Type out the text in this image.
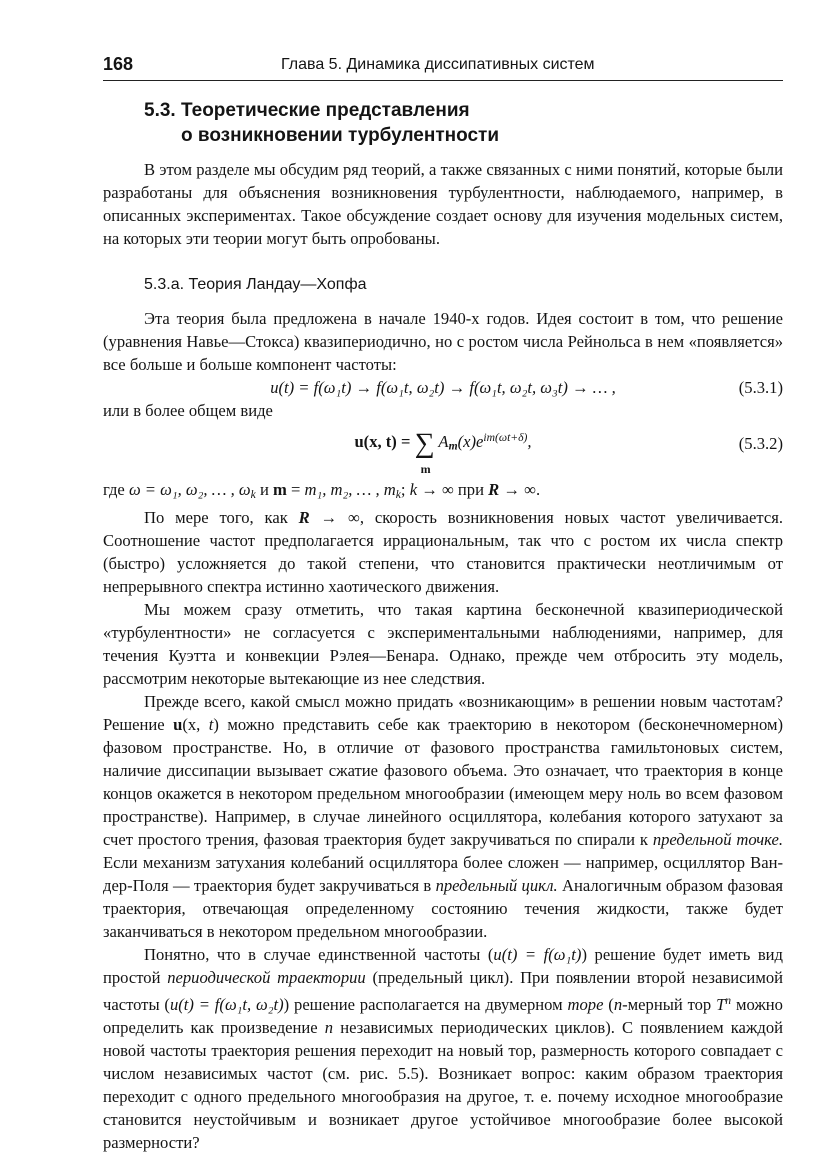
168	Глава 5. Динамика диссипативных систем
5.3. Теоретические представления
о возникновении турбулентности

В этом разделе мы обсудим ряд теорий, а также связанных с ними понятий, которые были разработаны для объяснения возникновения турбулентности, наблюдаемого, например, в описанных экспериментах. Такое обсуждение создает основу для изучения модельных систем, на которых эти теории могут быть опробованы.

5.3.а. Теория Ландау—Хопфа

Эта теория была предложена в начале 1940-х годов. Идея состоит в том, что решение (уравнения Навье—Стокса) квазипериодично, но с ростом числа Рейнольса в нем «появляется» все больше и больше компонент частоты:

u(t) = f(ω₁t) → f(ω₁t, ω₂t) → f(ω₁t, ω₂t, ω₃t) → … ,	(5.3.1)

или в более общем виде

u(x, t) = ∑
m
$Am(x)e^{im(\omega t+\delta)}$,	(5.3.2)

где ω = ω₁, ω₂, … , ωk и m = m₁, m₂, … , mk; k → ∞ при R → ∞.

По мере того, как R → ∞, скорость возникновения новых частот увеличивается. Соотношение частот предполагается иррациональным, так что с ростом их числа спектр (быстро) усложняется до такой степени, что становится практически неотличимым от непрерывного спектра истинно хаотического движения.

Мы можем сразу отметить, что такая картина бесконечной квазипериодической «турбулентности» не согласуется с экспериментальными наблюдениями, например, для течения Куэтта и конвекции Рэлея—Бенара. Однако, прежде чем отбросить эту модель, рассмотрим некоторые вытекающие из нее следствия.

Прежде всего, какой смысл можно придать «возникающим» в решении новым частотам? Решение u(x, t) можно представить себе как траекторию в некотором (бесконечномерном) фазовом пространстве. Но, в отличие от фазового пространства гамильтоновых систем, наличие диссипации вызывает сжатие фазового объема. Это означает, что траектория в конце концов окажется в некотором предельном многообразии (имеющем меру ноль во всем фазовом пространстве). Например, в случае линейного осциллятора, колебания которого затухают за счет простого трения, фазовая траектория будет закручиваться по спирали к предельной точке. Если механизм затухания колебаний осциллятора более сложен — например, осциллятор Ван-дер-Поля — траектория будет закручиваться в предельный цикл. Аналогичным образом фазовая траектория, отвечающая определенному состоянию течения жидкости, также будет заканчиваться в некотором предельном многообразии.

Понятно, что в случае единственной частоты (u(t) = f(ω₁t)) решение будет иметь вид простой периодической траектории (предельный цикл). При появлении второй независимой частоты (u(t) = f(ω₁t, ω₂t)) решение располагается на двумерном торе (n-мерный тор $T^n$ можно определить как произведение n независимых периодических циклов). С появлением каждой новой частоты траектория решения переходит на новый тор, размерность которого совпадает с числом независимых частот (см. рис. 5.5). Возникает вопрос: каким образом траектория переходит с одного предельного многообразия на другое, т. е. почему исходное многообразие становится неустойчивым и возникает другое устойчивое многообразие более высокой размерности?
